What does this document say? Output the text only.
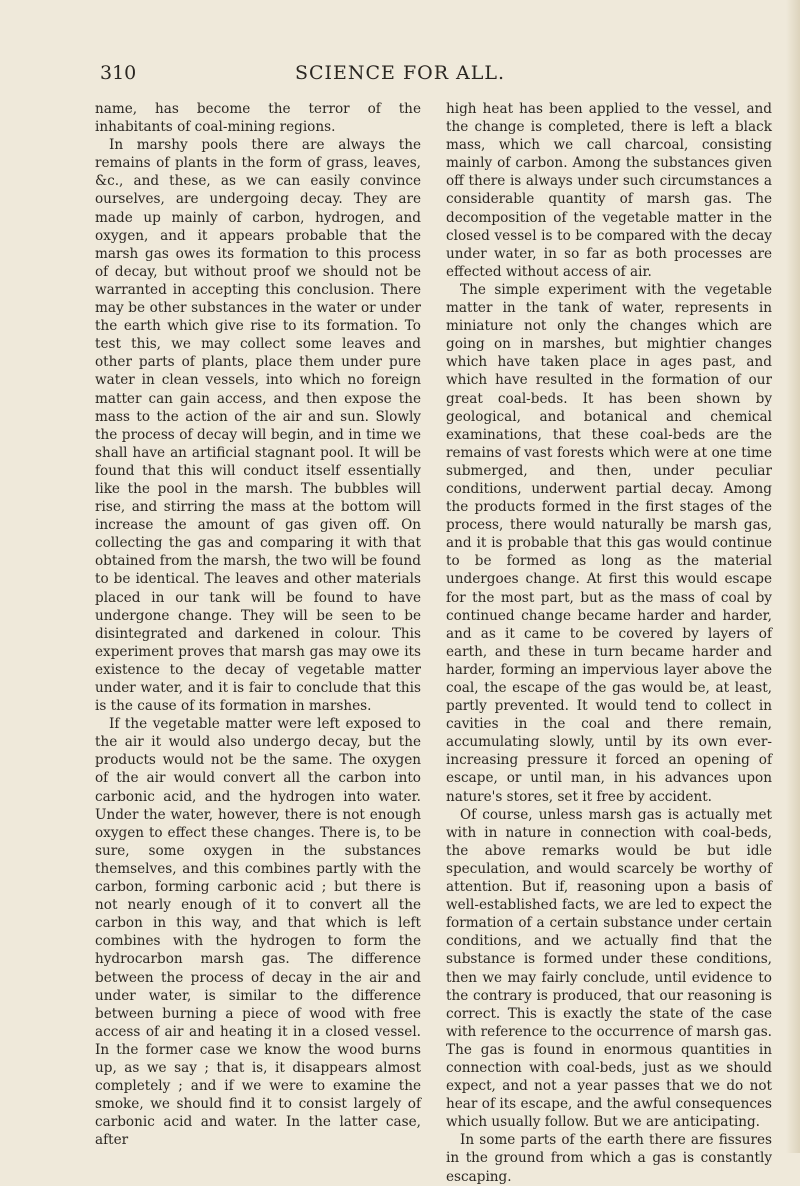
310	SCIENCE FOR ALL.

name, has become the terror of the inhabitants of coal-mining regions.

In marshy pools there are always the remains of plants in the form of grass, leaves, &c., and these, as we can easily convince ourselves, are undergoing decay. They are made up mainly of carbon, hydrogen, and oxygen, and it appears probable that the marsh gas owes its formation to this process of decay, but without proof we should not be warranted in accepting this conclusion. There may be other substances in the water or under the earth which give rise to its formation. To test this, we may collect some leaves and other parts of plants, place them under pure water in clean vessels, into which no foreign matter can gain access, and then expose the mass to the action of the air and sun. Slowly the process of decay will begin, and in time we shall have an artificial stagnant pool. It will be found that this will conduct itself essentially like the pool in the marsh. The bubbles will rise, and stirring the mass at the bottom will increase the amount of gas given off. On collecting the gas and comparing it with that obtained from the marsh, the two will be found to be identical. The leaves and other materials placed in our tank will be found to have undergone change. They will be seen to be disintegrated and darkened in colour. This experiment proves that marsh gas may owe its existence to the decay of vegetable matter under water, and it is fair to conclude that this is the cause of its formation in marshes.

If the vegetable matter were left exposed to the air it would also undergo decay, but the products would not be the same. The oxygen of the air would convert all the carbon into carbonic acid, and the hydrogen into water. Under the water, however, there is not enough oxygen to effect these changes. There is, to be sure, some oxygen in the substances themselves, and this combines partly with the carbon, forming carbonic acid ; but there is not nearly enough of it to convert all the carbon in this way, and that which is left combines with the hydrogen to form the hydrocarbon marsh gas. The difference between the process of decay in the air and under water, is similar to the difference between burning a piece of wood with free access of air and heating it in a closed vessel. In the former case we know the wood burns up, as we say ; that is, it disappears almost completely ; and if we were to examine the smoke, we should find it to consist largely of carbonic acid and water. In the latter case, after

high heat has been applied to the vessel, and the change is completed, there is left a black mass, which we call charcoal, consisting mainly of carbon. Among the substances given off there is always under such circumstances a considerable quantity of marsh gas. The decomposition of the vegetable matter in the closed vessel is to be compared with the decay under water, in so far as both processes are effected without access of air.

The simple experiment with the vegetable matter in the tank of water, represents in miniature not only the changes which are going on in marshes, but mightier changes which have taken place in ages past, and which have resulted in the formation of our great coal-beds. It has been shown by geological, and botanical and chemical examinations, that these coal-beds are the remains of vast forests which were at one time submerged, and then, under peculiar conditions, underwent partial decay. Among the products formed in the first stages of the process, there would naturally be marsh gas, and it is probable that this gas would continue to be formed as long as the material undergoes change. At first this would escape for the most part, but as the mass of coal by continued change became harder and harder, and as it came to be covered by layers of earth, and these in turn became harder and harder, forming an impervious layer above the coal, the escape of the gas would be, at least, partly prevented. It would tend to collect in cavities in the coal and there remain, accumulating slowly, until by its own ever-increasing pressure it forced an opening of escape, or until man, in his advances upon nature's stores, set it free by accident.

Of course, unless marsh gas is actually met with in nature in connection with coal-beds, the above remarks would be but idle speculation, and would scarcely be worthy of attention. But if, reasoning upon a basis of well-established facts, we are led to expect the formation of a certain substance under certain conditions, and we actually find that the substance is formed under these conditions, then we may fairly conclude, until evidence to the contrary is produced, that our reasoning is correct. This is exactly the state of the case with reference to the occurrence of marsh gas. The gas is found in enormous quantities in connection with coal-beds, just as we should expect, and not a year passes that we do not hear of its escape, and the awful consequences which usually follow. But we are anticipating.

In some parts of the earth there are fissures in the ground from which a gas is constantly escaping.
